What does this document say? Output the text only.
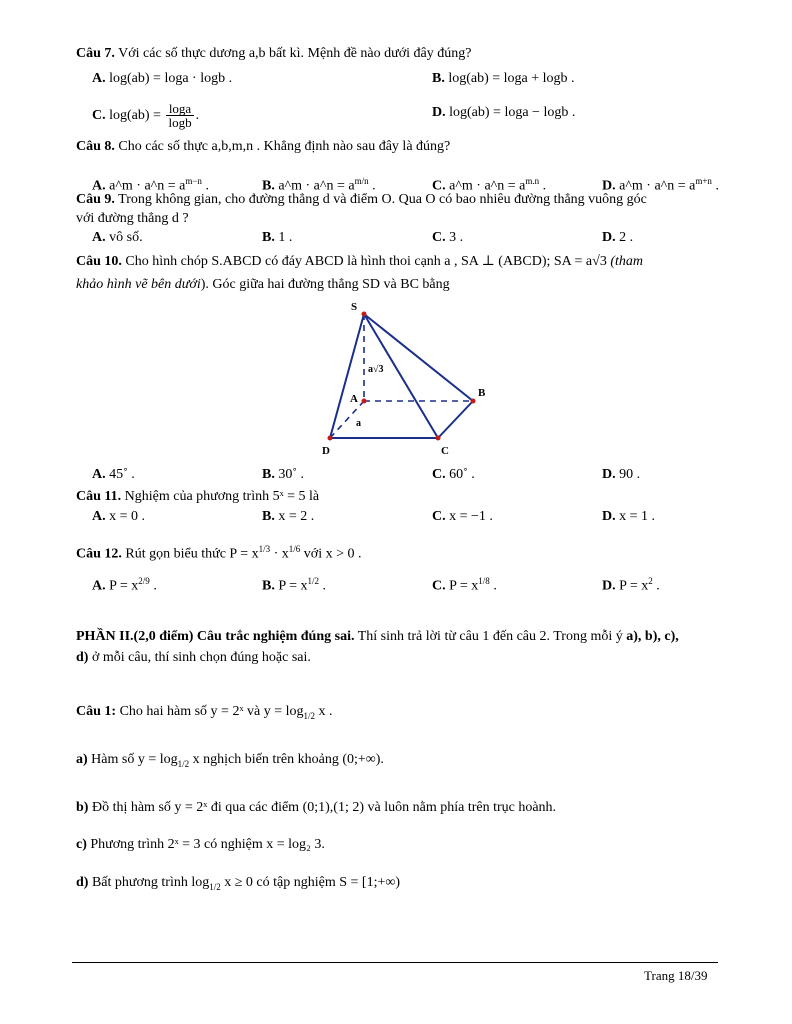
Câu 7. Với các số thực dương a,b bất kì. Mệnh đề nào dưới đây đúng?
A. log(ab) = loga · logb .	B. log(ab) = loga + logb .
C. $\log(ab) = \frac{\log a}{\log b}$ .	D. log(ab) = loga − logb .
Câu 8. Cho các số thực a,b,m,n . Khẳng định nào sau đây là đúng?
A. a^m · a^n = $a^{m-n}$ .	B. a^m · a^n = $a^{m/n}$ .	C. a^m · a^n = $a^{m.n}$ .	D. a^m · a^n = $a^{m+n}$ .
Câu 9. Trong không gian, cho đường thẳng d và điểm O. Qua O có bao nhiêu đường thẳng vuông góc
với đường thẳng d ?
A. vô số.	B. 1 .	C. 3 .	D. 2 .
Câu 10. Cho hình chóp S.ABCD có đáy ABCD là hình thoi cạnh a , SA ⊥ (ABCD); SA = a√3 (tham
khảo hình vẽ bên dưới). Góc giữa hai đường thẳng SD và BC bằng
S
A	B
C
D
a√3
a
A. 45˚ .	B. 30˚ .	C. 60˚ .	D. 90 .
Câu 11. Nghiệm của phương trình 5ˣ = 5 là
A. x = 0 .	B. x = 2 .	C. x = −1 .	D. x = 1 .
Câu 12. Rút gọn biểu thức $P = x^{1/3} \cdot x^{1/6}$ với x > 0 .
A. $P = x^{2/9}$ .	B. $P = x^{1/2}$ .	C. $P = x^{1/8}$ .	D. $P = x^2$ .
PHẦN II.(2,0 điểm) Câu trắc nghiệm đúng sai. Thí sinh trả lời từ câu 1 đến câu 2. Trong mỗi ý a), b), c),
d) ở mỗi câu, thí sinh chọn đúng hoặc sai.
Câu 1: Cho hai hàm số y = 2ˣ và $y = \log_{1/2} x$ .
a) Hàm số $y = \log_{1/2} x$ nghịch biến trên khoảng (0;+∞).
b) Đồ thị hàm số y = 2ˣ đi qua các điểm (0;1),(1; 2) và luôn nằm phía trên trục hoành.
c) Phương trình 2ˣ = 3 có nghiệm x = log₂ 3.
d) Bất phương trình $\log_{1/2} x \ge 0$ có tập nghiệm S = [1;+∞)
Trang 18/39
